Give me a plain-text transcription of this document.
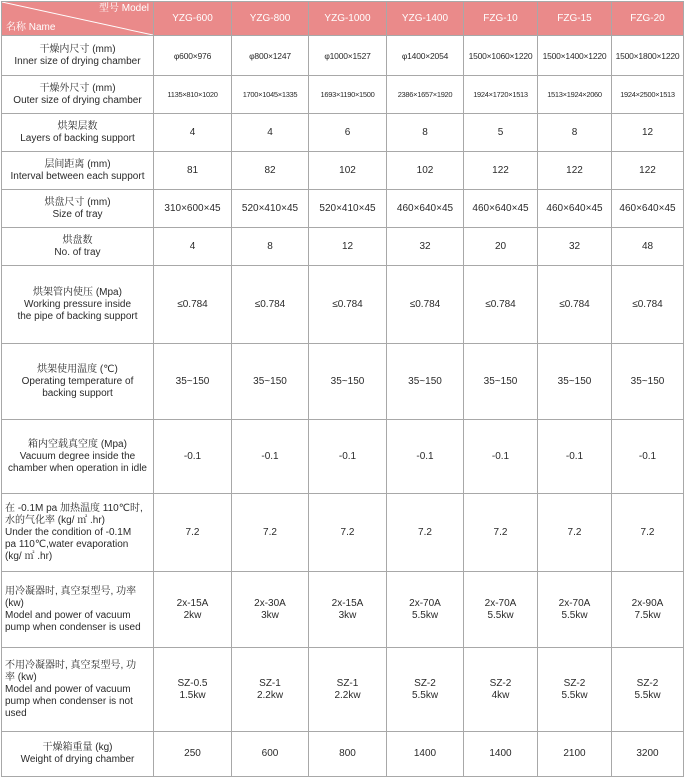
型号 Model
名称 Name	YZG-600	YZG-800	YZG-1000	YZG-1400	FZG-10	FZG-15	FZG-20

干燥内尺寸 (mm)
Inner size of drying chamber	φ600×976	φ800×1247	φ1000×1527	φ1400×2054	1500×1060×1220	1500×1400×1220	1500×1800×1220

干燥外尺寸 (mm)
Outer size of drying chamber	1135×810×1020	1700×1045×1335	1693×1190×1500	2386×1657×1920	1924×1720×1513	1513×1924×2060	1924×2500×1513

烘架层数
Layers of backing support	4	4	6	8	5	8	12

层间距离 (mm)
Interval between each support	81	82	102	102	122	122	122

烘盘尺寸 (mm)
Size of tray	310×600×45	520×410×45	520×410×45	460×640×45	460×640×45	460×640×45	460×640×45

烘盘数
No. of tray	4	8	12	32	20	32	48

烘架管内使压 (Mpa)
Working pressure inside
the pipe of backing support	≤0.784	≤0.784	≤0.784	≤0.784	≤0.784	≤0.784	≤0.784

烘架使用温度 (℃)
Operating temperature of
backing support	35~150	35~150	35~150	35~150	35~150	35~150	35~150

箱内空载真空度 (Mpa)
Vacuum degree inside the
chamber when operation in idle	-0.1	-0.1	-0.1	-0.1	-0.1	-0.1	-0.1

在 -0.1M pa 加热温度 110℃时,
水的气化率 (kg/ ㎡ .hr)
Under the condition of -0.1M
pa 110℃,water evaporation
(kg/ ㎡ .hr)	7.2	7.2	7.2	7.2	7.2	7.2	7.2

用冷凝器时, 真空泵型号, 功率
(kw)
Model and power of vacuum
pump when condenser is used	2x-15A
2kw	2x-30A
3kw	2x-15A
3kw	2x-70A
5.5kw	2x-70A
5.5kw	2x-70A
5.5kw	2x-90A
7.5kw

不用冷凝器时, 真空泵型号, 功
率 (kw)
Model and power of vacuum
pump when condenser is not
used	SZ-0.5
1.5kw	SZ-1
2.2kw	SZ-1
2.2kw	SZ-2
5.5kw	SZ-2
4kw	SZ-2
5.5kw	SZ-2
5.5kw

干燥箱重量 (kg)
Weight of drying chamber	250	600	800	1400	1400	2100	3200
